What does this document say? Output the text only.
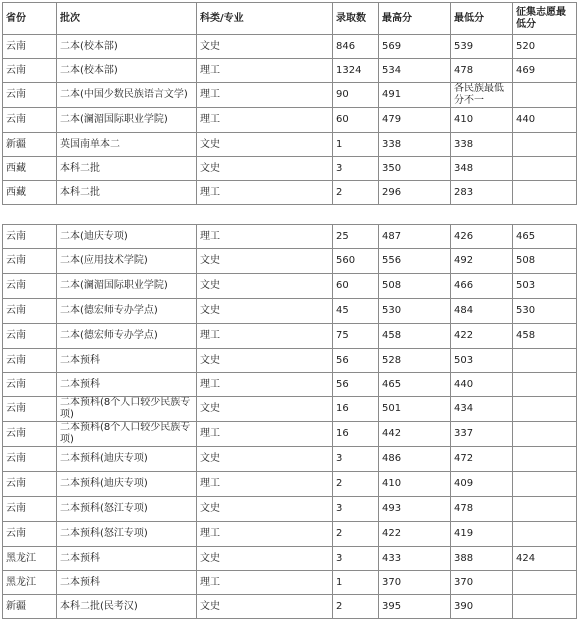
省份	批次	科类/专业	录取数	最高分	最低分	征集志愿最低分
云南	二本(校本部)	文史	846	569	539	520
云南	二本(校本部)	理工	1324	534	478	469
云南	二本(中国少数民族语言文学)	理工	90	491	各民族最低分不一	
云南	二本(澜湄国际职业学院)	理工	60	479	410	440
新疆	英国南单本二	文史	1	338	338	
西藏	本科二批	文史	3	350	348	
西藏	本科二批	理工	2	296	283	

云南	二本(迪庆专项)	理工	25	487	426	465
云南	二本(应用技术学院)	文史	560	556	492	508
云南	二本(澜湄国际职业学院)	文史	60	508	466	503
云南	二本(德宏师专办学点)	文史	45	530	484	530
云南	二本(德宏师专办学点)	理工	75	458	422	458
云南	二本预科	文史	56	528	503	
云南	二本预科	理工	56	465	440	
云南	二本预科(8个人口较少民族专项)	文史	16	501	434	
云南	二本预科(8个人口较少民族专项)	理工	16	442	337	
云南	二本预科(迪庆专项)	文史	3	486	472	
云南	二本预科(迪庆专项)	理工	2	410	409	
云南	二本预科(怒江专项)	文史	3	493	478	
云南	二本预科(怒江专项)	理工	2	422	419	
黑龙江	二本预科	文史	3	433	388	424
黑龙江	二本预科	理工	1	370	370	
新疆	本科二批(民考汉)	文史	2	395	390	
